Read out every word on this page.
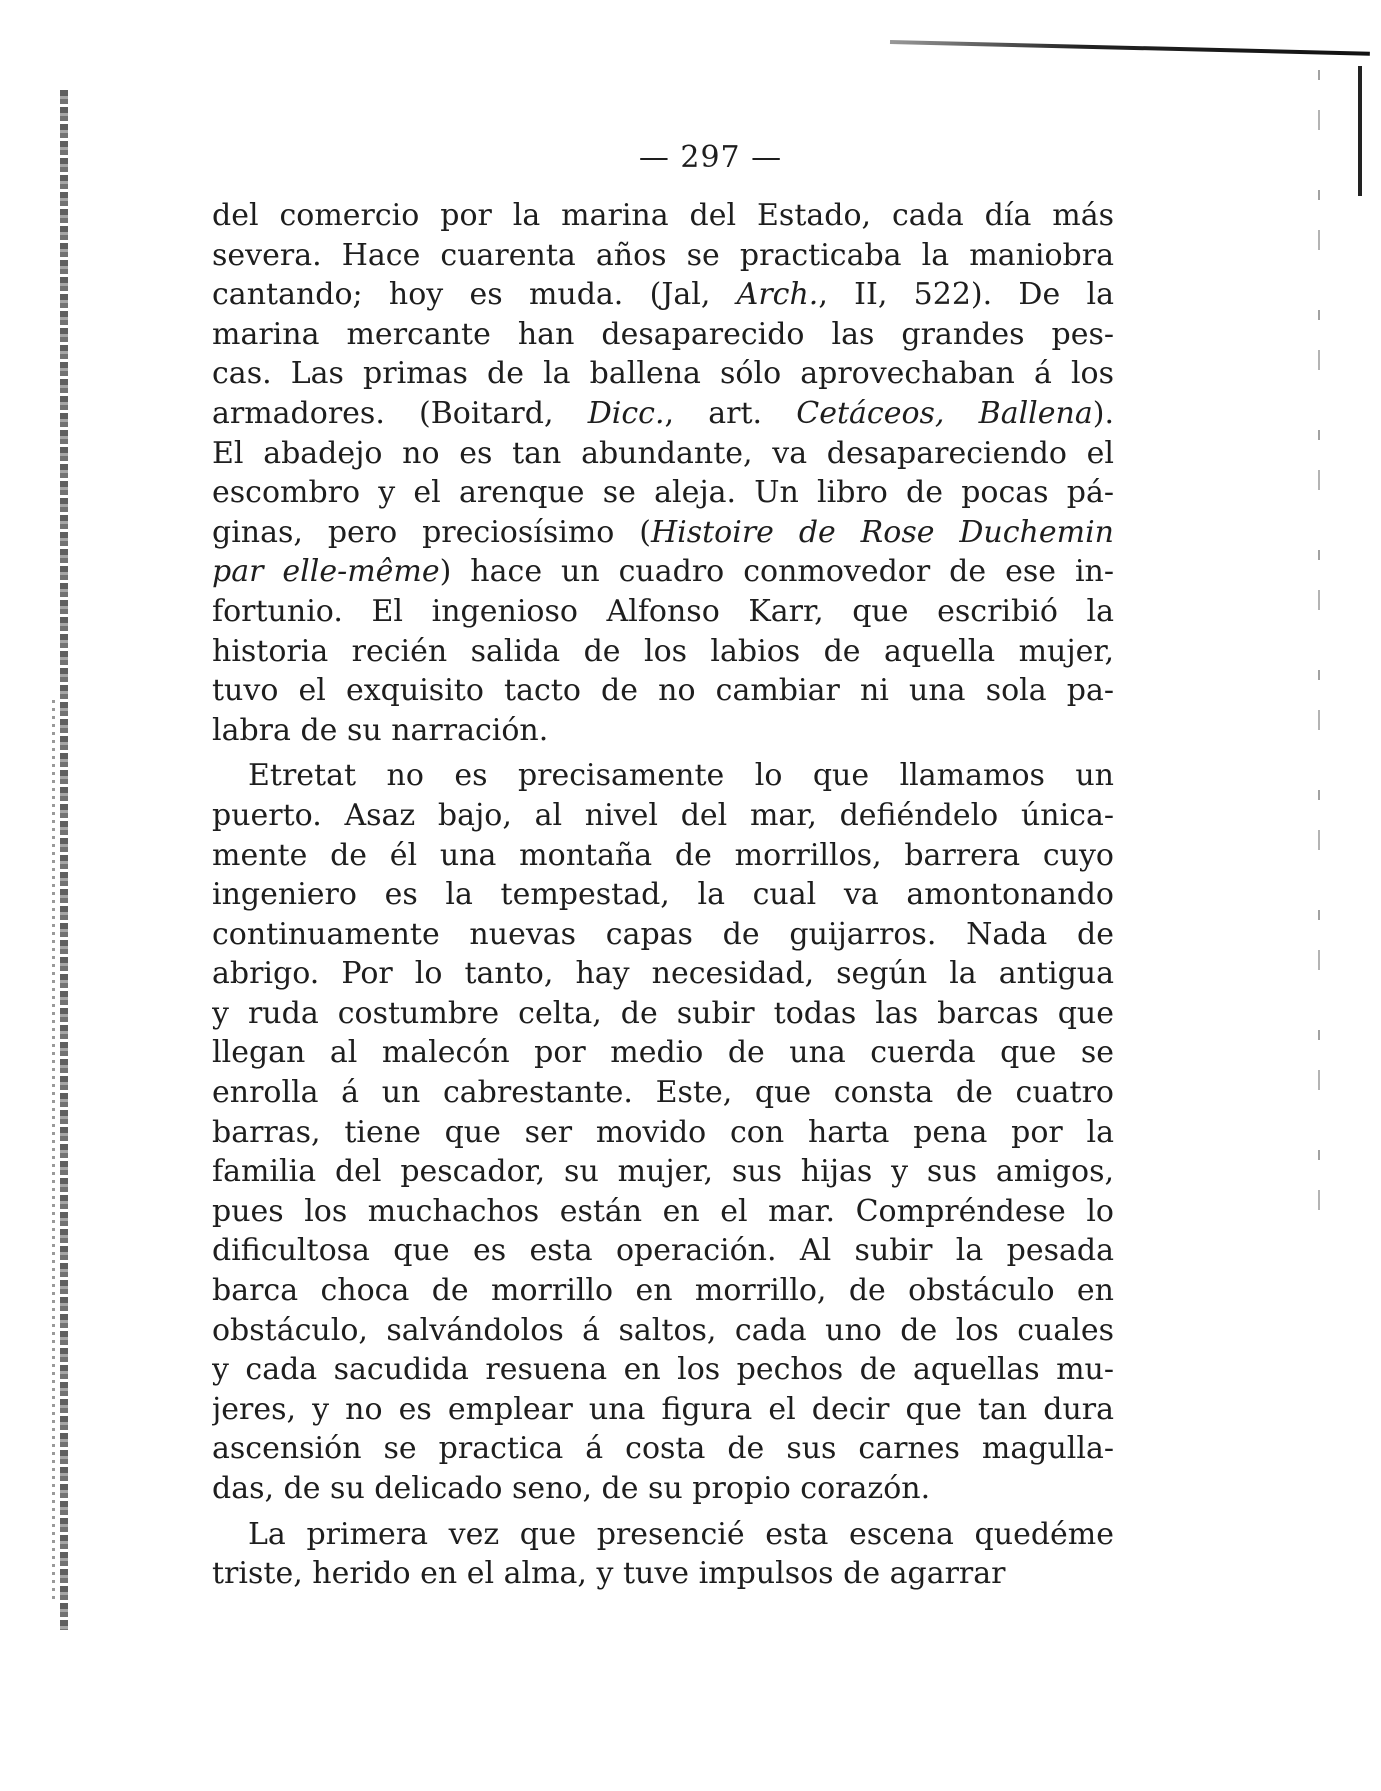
— 297 —
del comercio por la marina del Estado, cada día más
severa. Hace cuarenta años se practicaba la maniobra
cantando; hoy es muda. (Jal, Arch., II, 522). De la
marina mercante han desaparecido las grandes pes-
cas. Las primas de la ballena sólo aprovechaban á los
armadores. (Boitard, Dicc., art. Cetáceos, Ballena).
El abadejo no es tan abundante, va desapareciendo el
escombro y el arenque se aleja. Un libro de pocas pá-
ginas, pero preciosísimo (Histoire de Rose Duchemin
par elle-même) hace un cuadro conmovedor de ese in-
fortunio. El ingenioso Alfonso Karr, que escribió la
historia recién salida de los labios de aquella mujer,
tuvo el exquisito tacto de no cambiar ni una sola pa-
labra de su narración.
Etretat no es precisamente lo que llamamos un
puerto. Asaz bajo, al nivel del mar, defiéndelo única-
mente de él una montaña de morrillos, barrera cuyo
ingeniero es la tempestad, la cual va amontonando
continuamente nuevas capas de guijarros. Nada de
abrigo. Por lo tanto, hay necesidad, según la antigua
y ruda costumbre celta, de subir todas las barcas que
llegan al malecón por medio de una cuerda que se
enrolla á un cabrestante. Este, que consta de cuatro
barras, tiene que ser movido con harta pena por la
familia del pescador, su mujer, sus hijas y sus amigos,
pues los muchachos están en el mar. Compréndese lo
dificultosa que es esta operación. Al subir la pesada
barca choca de morrillo en morrillo, de obstáculo en
obstáculo, salvándolos á saltos, cada uno de los cuales
y cada sacudida resuena en los pechos de aquellas mu-
jeres, y no es emplear una figura el decir que tan dura
ascensión se practica á costa de sus carnes magulla-
das, de su delicado seno, de su propio corazón.
La primera vez que presencié esta escena quedéme
triste, herido en el alma, y tuve impulsos de agarrar
